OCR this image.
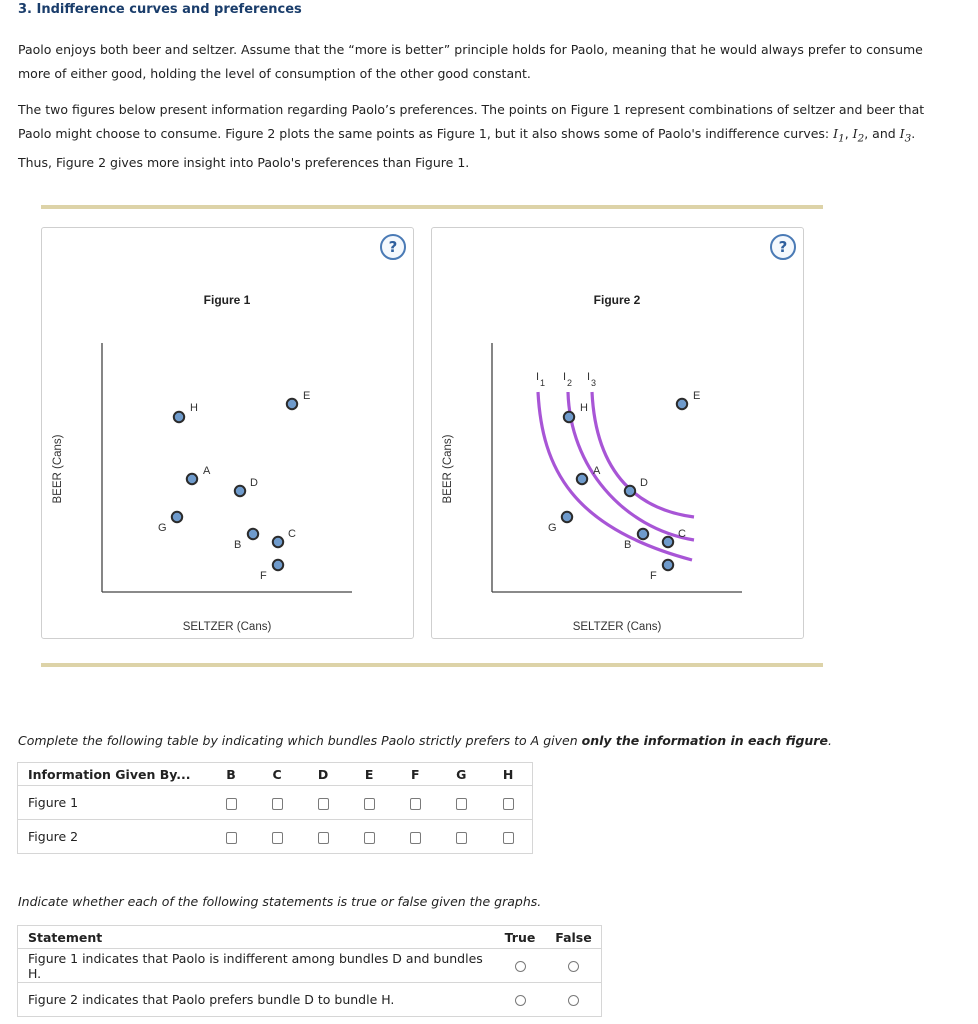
3. Indifference curves and preferences
Paolo enjoys both beer and seltzer. Assume that the “more is better” principle holds for Paolo, meaning that he would always prefer to consume more of either good, holding the level of consumption of the other good constant.
The two figures below present information regarding Paolo’s preferences. The points on Figure 1 represent combinations of seltzer and beer that Paolo might choose to consume. Figure 2 plots the same points as Figure 1, but it also shows some of Paolo's indifference curves: $I_1$, $I_2$, and $I_3$. Thus, Figure 2 gives more insight into Paolo's preferences than Figure 1.
?
Figure 1
SELTZER (Cans)
BEER (Cans)	A
B
C
D
E
F
G
H
?
Figure 2
SELTZER (Cans)
BEER (Cans)
I 1 I 2 I 3
A
B
C
D
E
F
G
H
Complete the following table by indicating which bundles Paolo strictly prefers to A given only the information in each figure.
Information Given By...	B	C	D	E	F	G	H
Figure 1							
Figure 2							
Indicate whether each of the following statements is true or false given the graphs.
Statement	True	False
Figure 1 indicates that Paolo is indifferent among bundles D and bundles H.		
Figure 2 indicates that Paolo prefers bundle D to bundle H.		
